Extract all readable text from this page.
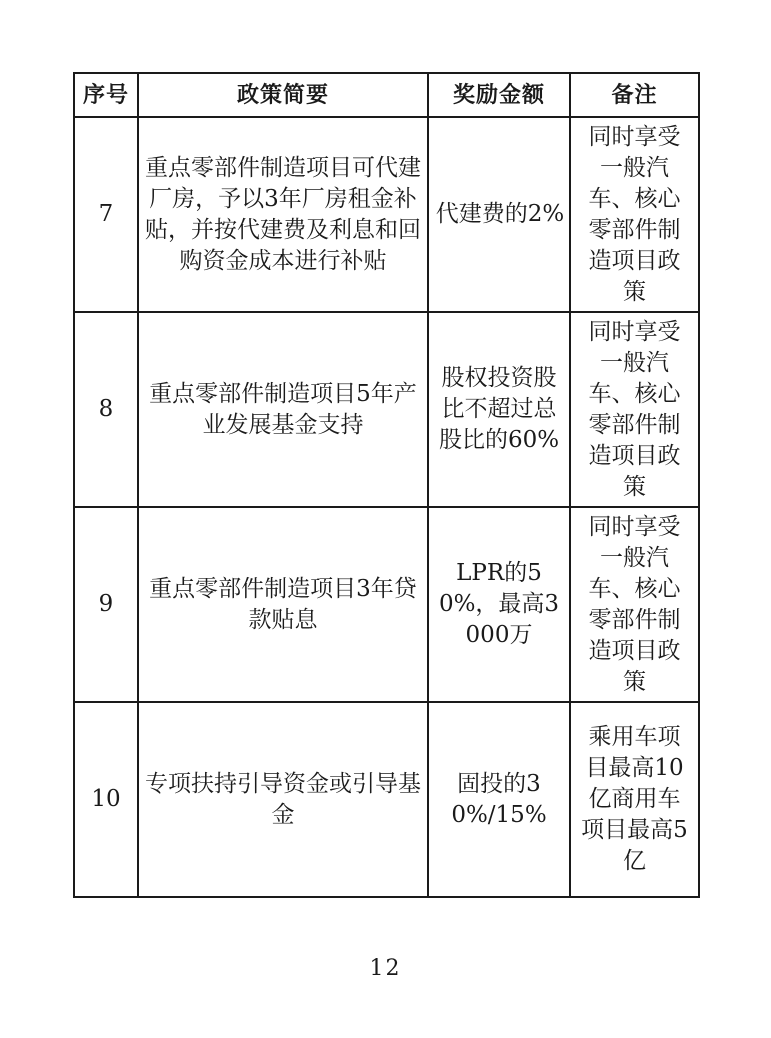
序号	政策简要	奖励金额	备注
7	重点零部件制造项目可代建厂房，予以3年厂房租金补贴，并按代建费及利息和回购资金成本进行补贴	代建费的2%	同时享受一般汽车、核心零部件制造项目政策
8	重点零部件制造项目5年产业发展基金支持	股权投资股比不超过总股比的60%	同时享受一般汽车、核心零部件制造项目政策
9	重点零部件制造项目3年贷款贴息	LPR的50%，最高3000万	同时享受一般汽车、核心零部件制造项目政策
10	专项扶持引导资金或引导基金	固投的30%/15%	乘用车项目最高10亿商用车项目最高5亿
12
